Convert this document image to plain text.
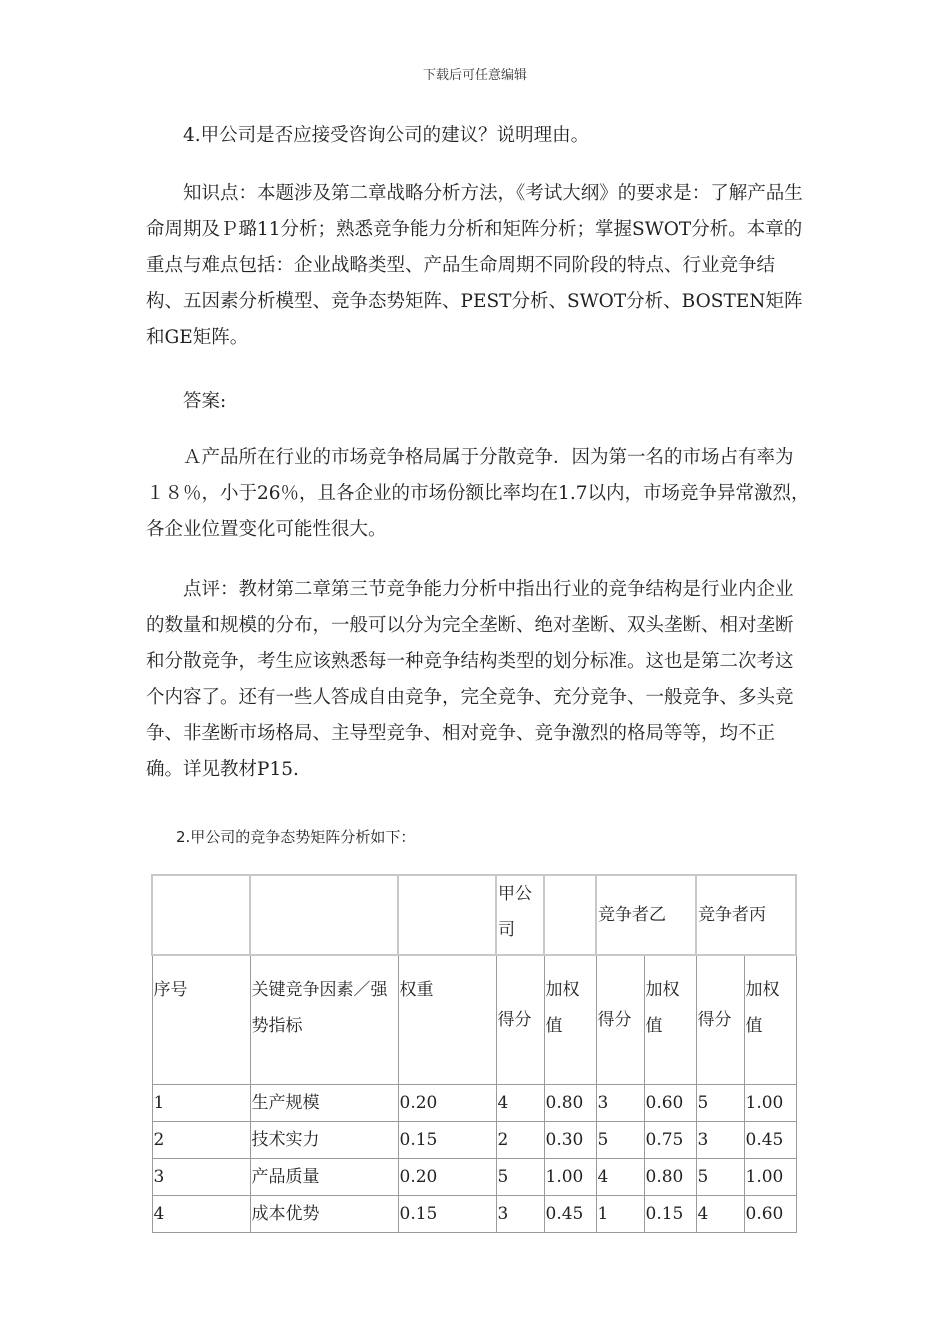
下载后可任意编辑

4.甲公司是否应接受咨询公司的建议？说明理由。

知识点：本题涉及第二章战略分析方法，《考试大纲》的要求是：了解产品生命周期及Ｐ璐11分析；熟悉竞争能力分析和矩阵分析；掌握SWOT分析。本章的重点与难点包括：企业战略类型、产品生命周期不同阶段的特点、行业竞争结构、五因素分析模型、竞争态势矩阵、PEST分析、SWOT分析、BOSTEN矩阵和GE矩阵。

答案:

Ａ产品所在行业的市场竞争格局属于分散竞争．因为第一名的市场占有率为１８％，小于26％，且各企业的市场份额比率均在1.7以内，市场竞争异常激烈，各企业位置变化可能性很大。

点评：教材第二章第三节竞争能力分析中指出行业的竞争结构是行业内企业的数量和规模的分布，一般可以分为完全垄断、绝对垄断、双头垄断、相对垄断和分散竞争，考生应该熟悉每一种竞争结构类型的划分标准。这也是第二次考这个内容了。还有一些人答成自由竞争，完全竞争、充分竞争、一般竞争、多头竞争、非垄断市场格局、主导型竞争、相对竞争、竞争激烈的格局等等，均不正确。详见教材P15.

2.甲公司的竞争态势矩阵分析如下：
			甲公司		竞争者乙		竞争者丙	
序号	关键竞争因素／强势指标	权重	得分	加权值	得分	加权值	得分	加权值
1	生产规模	0.20	4	0.80	3	0.60	5	1.00
2	技术实力	0.15	2	0.30	5	0.75	3	0.45
3	产品质量	0.20	5	1.00	4	0.80	5	1.00
4	成本优势	0.15	3	0.45	1	0.15	4	0.60
